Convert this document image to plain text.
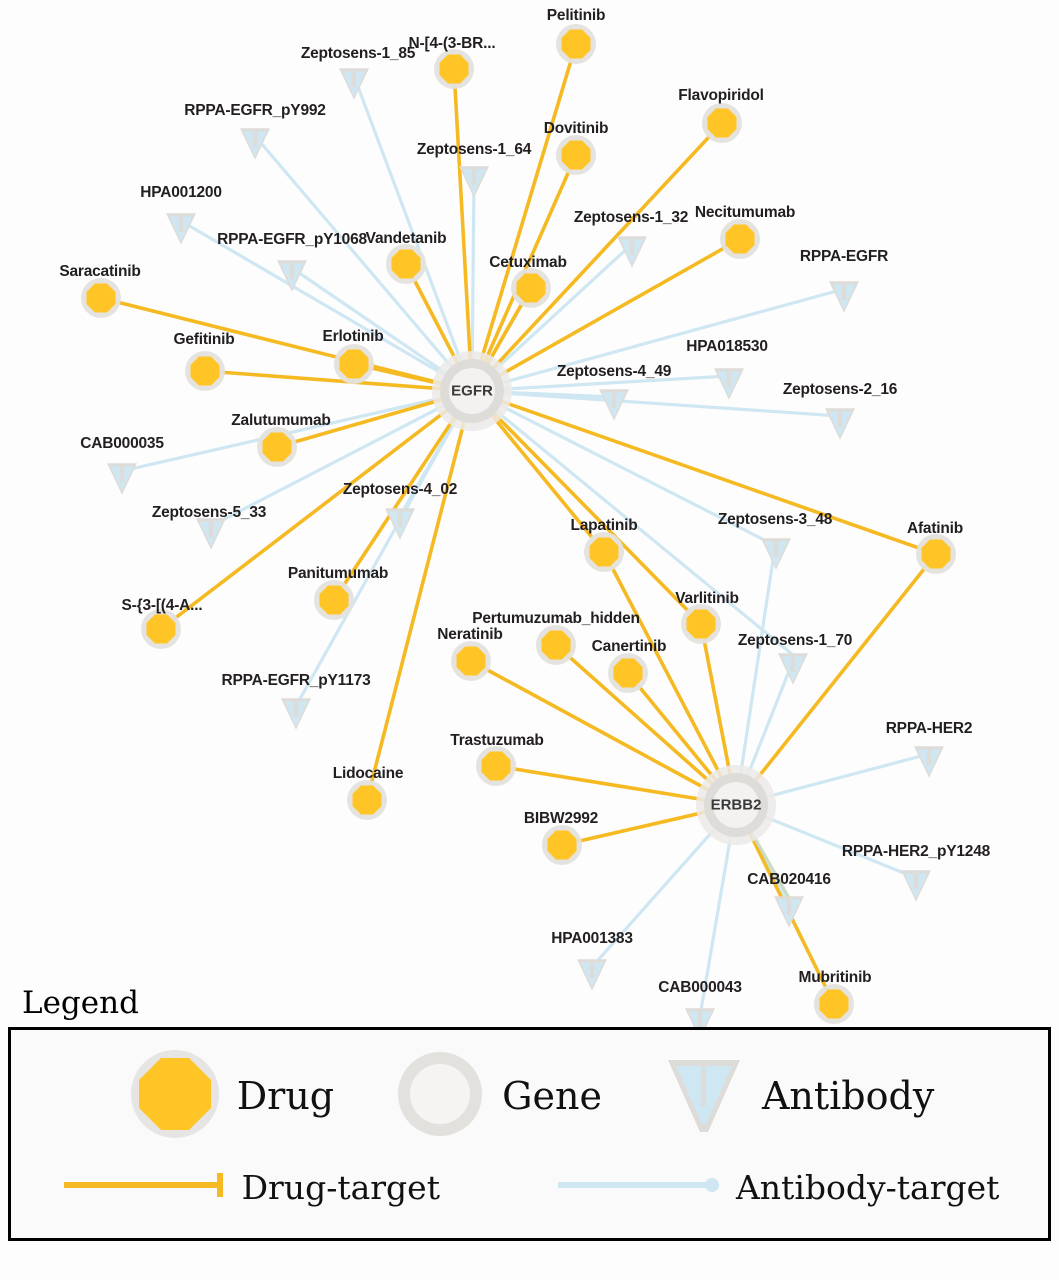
Zeptosens-1_85
RPPA-EGFR_pY992
Zeptosens-1_64
HPA001200
Zeptosens-1_32
RPPA-EGFR_pY1068
RPPA-EGFR
HPA018530
Zeptosens-4_49
Zeptosens-2_16
CAB000035
Zeptosens-4_02
Zeptosens-5_33	Zeptosens-3_48
Zeptosens-1_70
RPPA-EGFR_pY1173
RPPA-HER2
RPPA-HER2_pY1248
CAB020416
HPA001383
CAB000043
Pelitinib
N-[4-(3-BR...
Flavopiridol
Dovitinib
Necitumumab
Vandetanib
Cetuximab
Saracatinib
Erlotinib
Gefitinib
Zalutumumab
Afatinib
Lapatinib
Varlitinib
Panitumumab
S-{3-[(4-A...
Pertumuzumab_hidden
Canertinib
Neratinib
Trastuzumab
Lidocaine
BIBW2992
Mubritinib
EGFR
ERBB2
Legend
Drug	Gene	Antibody
Drug-target	Antibody-target
